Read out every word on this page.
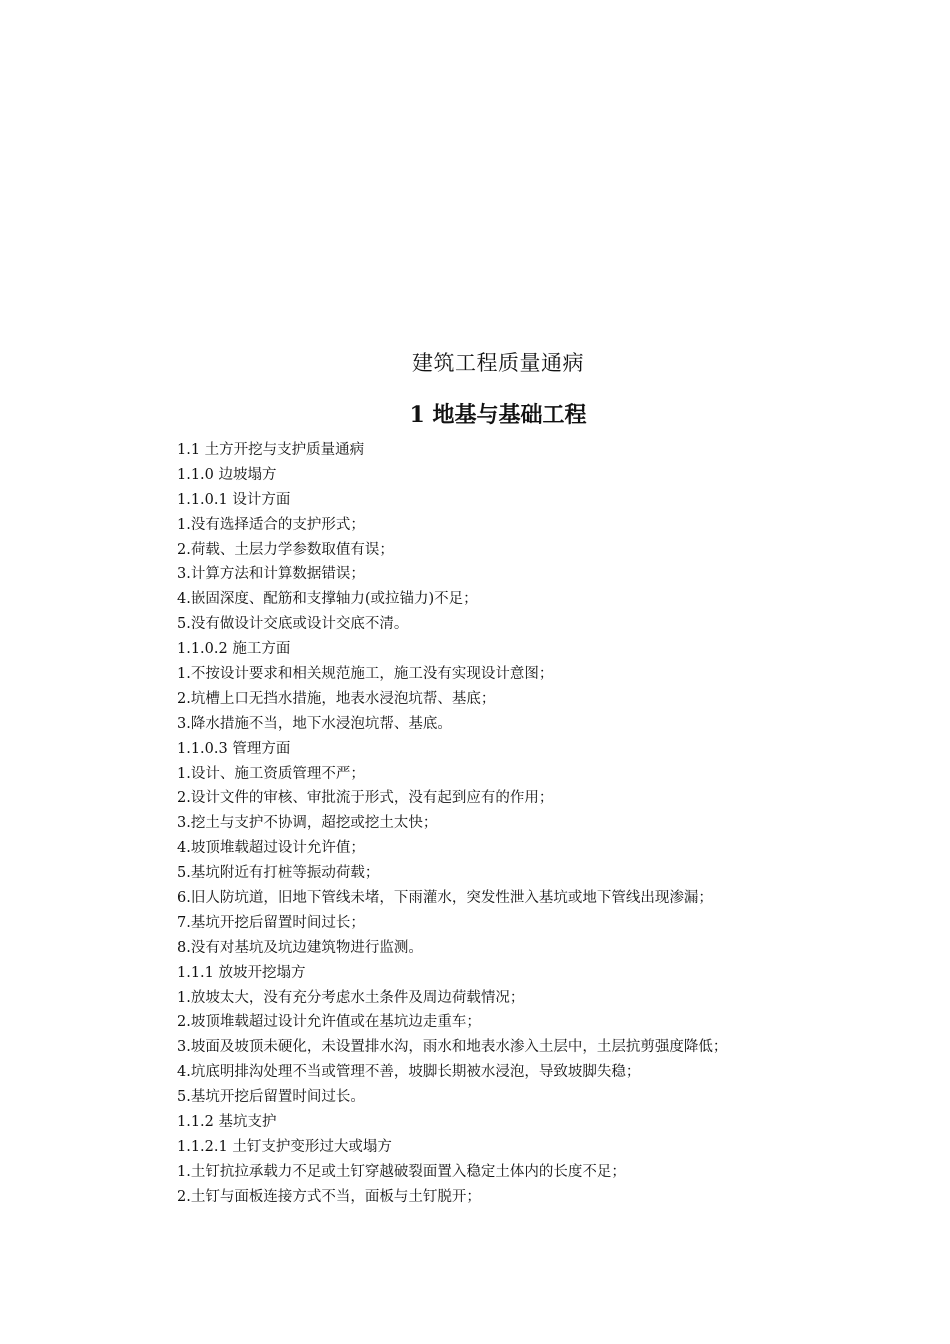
建筑工程质量通病
1 地基与基础工程
1.1 土方开挖与支护质量通病
1.1.0 边坡塌方
1.1.0.1 设计方面
1.没有选择适合的支护形式；
2.荷载、土层力学参数取值有误；
3.计算方法和计算数据错误；
4.嵌固深度、配筋和支撑轴力(或拉锚力)不足；
5.没有做设计交底或设计交底不清。
1.1.0.2 施工方面
1.不按设计要求和相关规范施工，施工没有实现设计意图；
2.坑槽上口无挡水措施，地表水浸泡坑帮、基底；
3.降水措施不当，地下水浸泡坑帮、基底。
1.1.0.3 管理方面
1.设计、施工资质管理不严；
2.设计文件的审核、审批流于形式，没有起到应有的作用；
3.挖土与支护不协调，超挖或挖土太快；
4.坡顶堆载超过设计允许值；
5.基坑附近有打桩等振动荷载；
6.旧人防坑道，旧地下管线未堵，下雨灌水，突发性泄入基坑或地下管线出现渗漏；
7.基坑开挖后留置时间过长；
8.没有对基坑及坑边建筑物进行监测。
1.1.1 放坡开挖塌方
1.放坡太大，没有充分考虑水土条件及周边荷载情况；
2.坡顶堆载超过设计允许值或在基坑边走重车；
3.坡面及坡顶未硬化，未设置排水沟，雨水和地表水渗入土层中，土层抗剪强度降低；
4.坑底明排沟处理不当或管理不善，坡脚长期被水浸泡，导致坡脚失稳；
5.基坑开挖后留置时间过长。
1.1.2 基坑支护
1.1.2.1 土钉支护变形过大或塌方
1.土钉抗拉承载力不足或土钉穿越破裂面置入稳定土体内的长度不足；
2.土钉与面板连接方式不当，面板与土钉脱开；
